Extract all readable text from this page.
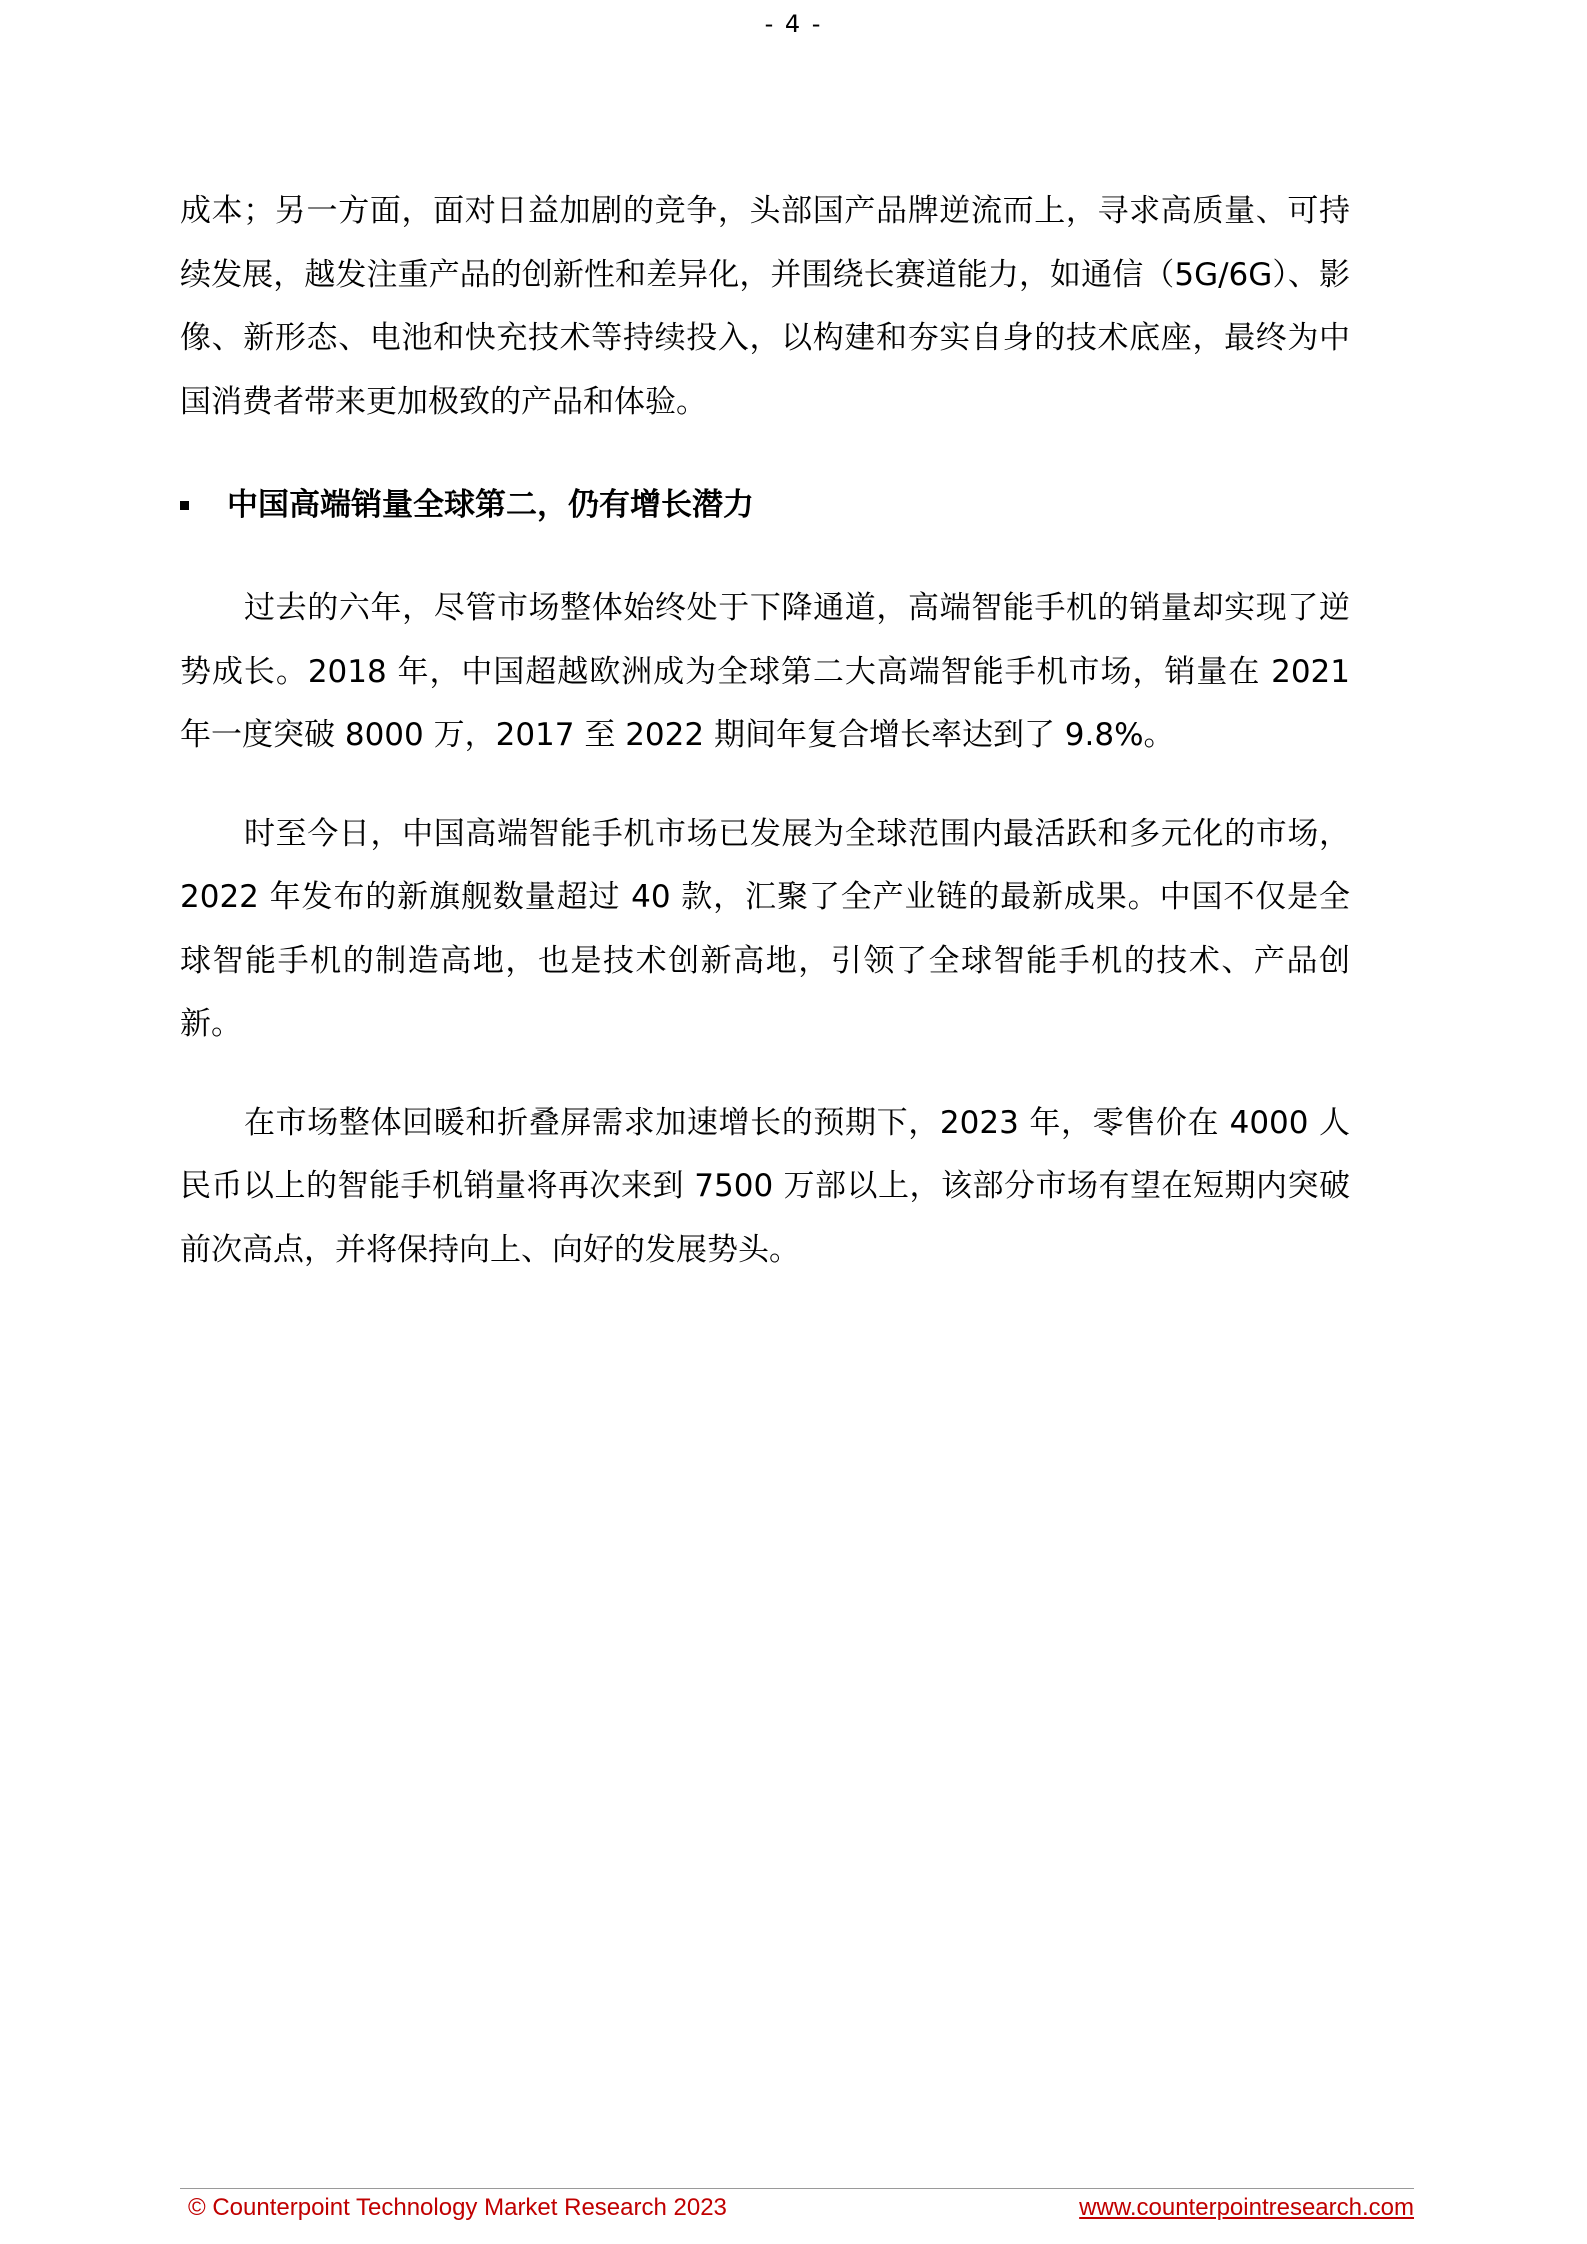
- 4 -

成本；另一方面，面对日益加剧的竞争，头部国产品牌逆流而上，寻求高质量、可持续发展，越发注重产品的创新性和差异化，并围绕长赛道能力，如通信（5G/6G）、影像、新形态、电池和快充技术等持续投入，以构建和夯实自身的技术底座，最终为中国消费者带来更加极致的产品和体验。

中国高端销量全球第二，仍有增长潜力

过去的六年，尽管市场整体始终处于下降通道，高端智能手机的销量却实现了逆势成长。2018 年，中国超越欧洲成为全球第二大高端智能手机市场，销量在 2021 年一度突破 8000 万，2017 至 2022 期间年复合增长率达到了 9.8%。

时至今日，中国高端智能手机市场已发展为全球范围内最活跃和多元化的市场，2022 年发布的新旗舰数量超过 40 款，汇聚了全产业链的最新成果。中国不仅是全球智能手机的制造高地，也是技术创新高地，引领了全球智能手机的技术、产品创新。

在市场整体回暖和折叠屏需求加速增长的预期下，2023 年，零售价在 4000 人民币以上的智能手机销量将再次来到 7500 万部以上，该部分市场有望在短期内突破前次高点，并将保持向上、向好的发展势头。

© Counterpoint Technology Market Research 2023	www.counterpointresearch.com
